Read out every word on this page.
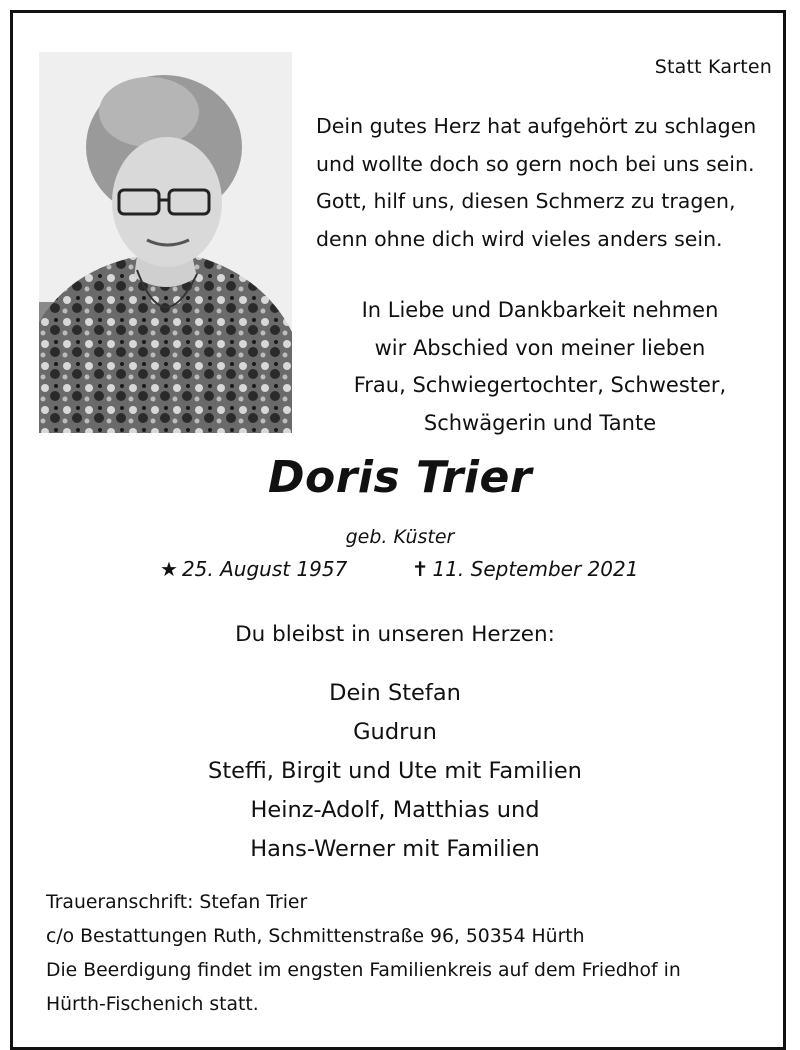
Statt Karten
Dein gutes Herz hat aufgehört zu schlagen
und wollte doch so gern noch bei uns sein.
Gott, hilf uns, diesen Schmerz zu tragen,
denn ohne dich wird vieles anders sein.
In Liebe und Dankbarkeit nehmen
wir Abschied von meiner lieben
Frau, Schwiegertochter, Schwester,
Schwägerin und Tante
Doris Trier
geb. Küster
★ 25. August 1957	✝ 11. September 2021
Du bleibst in unseren Herzen:
Dein Stefan
Gudrun
Steffi, Birgit und Ute mit Familien
Heinz-Adolf, Matthias und
Hans-Werner mit Familien
Traueranschrift: Stefan Trier
c/o Bestattungen Ruth, Schmittenstraße 96, 50354 Hürth
Die Beerdigung findet im engsten Familienkreis auf dem Friedhof in
Hürth-Fischenich statt.
